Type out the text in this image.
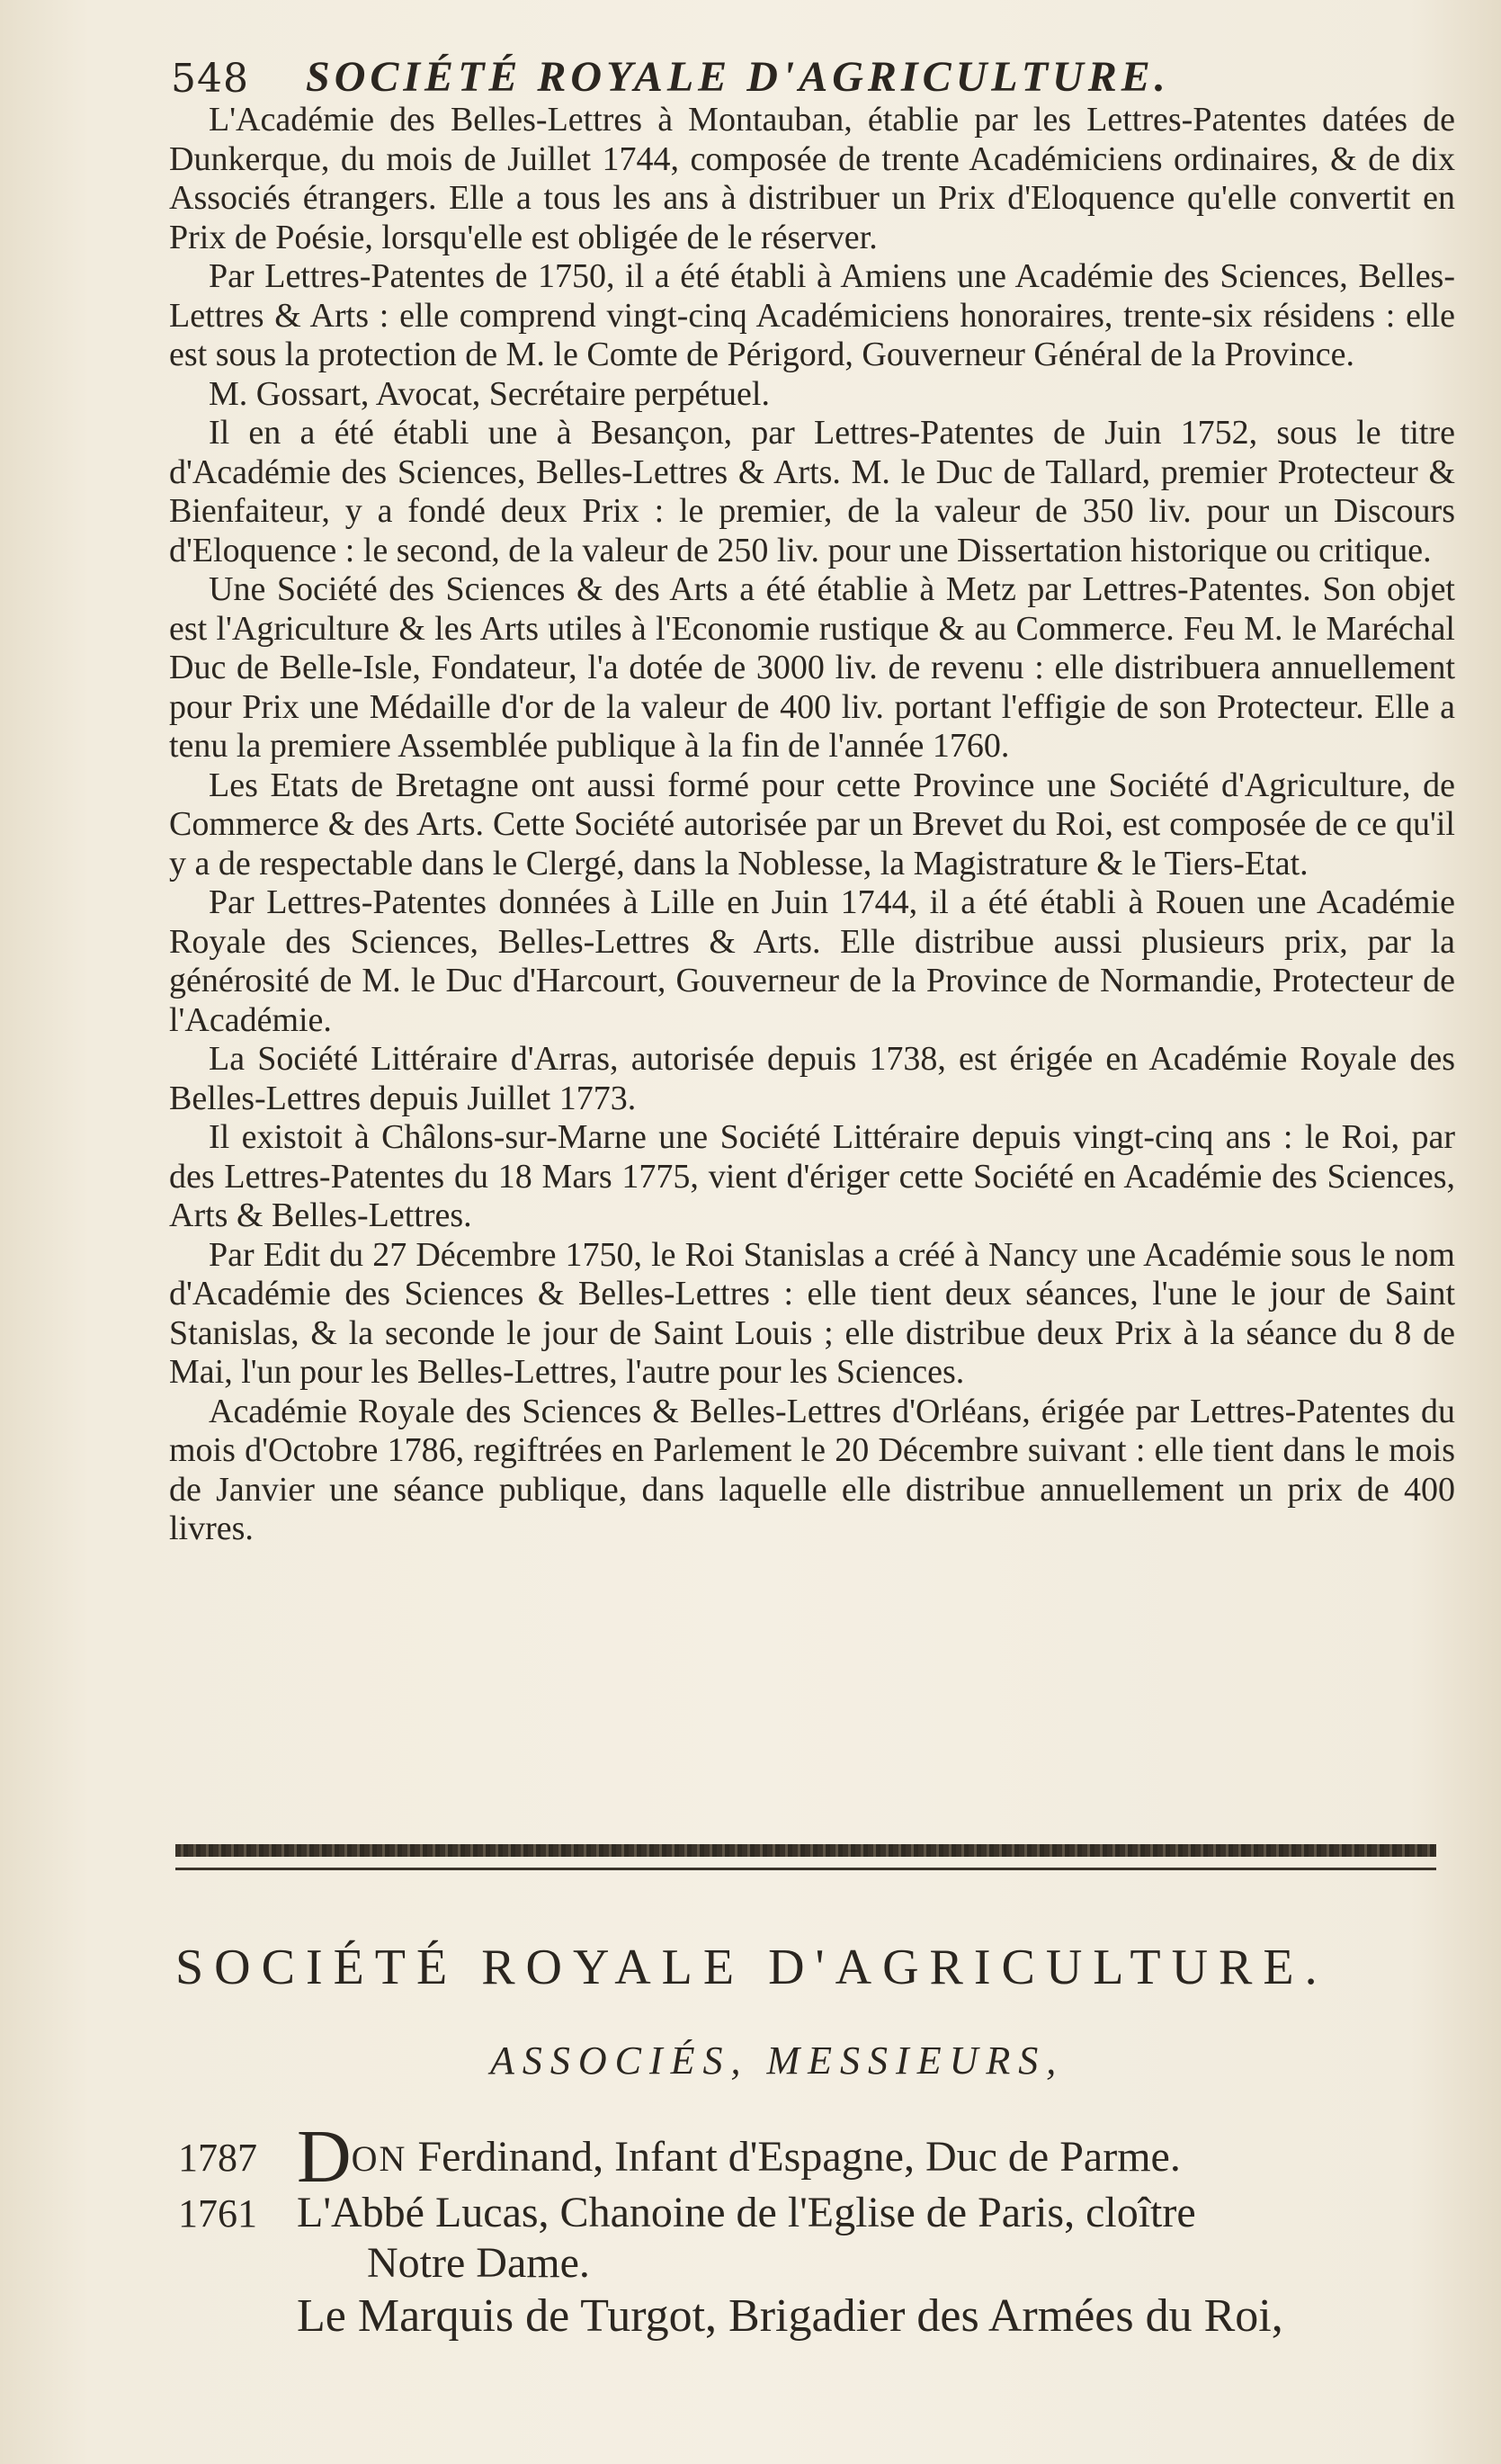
548 SOCIÉTÉ ROYALE D'AGRICULTURE.

L'Académie des Belles-Lettres à Montauban, établie par les Lettres-Patentes datées de Dunkerque, du mois de Juillet 1744, composée de trente Académiciens ordinaires, & de dix Associés étrangers. Elle a tous les ans à distribuer un Prix d'Eloquence qu'elle convertit en Prix de Poésie, lorsqu'elle est obligée de le réserver.

Par Lettres-Patentes de 1750, il a été établi à Amiens une Académie des Sciences, Belles-Lettres & Arts : elle comprend vingt-cinq Académiciens honoraires, trente-six résidens : elle est sous la protection de M. le Comte de Périgord, Gouverneur Général de la Province.

M. Gossart, Avocat, Secrétaire perpétuel.

Il en a été établi une à Besançon, par Lettres-Patentes de Juin 1752, sous le titre d'Académie des Sciences, Belles-Lettres & Arts. M. le Duc de Tallard, premier Protecteur & Bienfaiteur, y a fondé deux Prix : le premier, de la valeur de 350 liv. pour un Discours d'Eloquence : le second, de la valeur de 250 liv. pour une Dissertation historique ou critique.

Une Société des Sciences & des Arts a été établie à Metz par Lettres-Patentes. Son objet est l'Agriculture & les Arts utiles à l'Economie rustique & au Commerce. Feu M. le Maréchal Duc de Belle-Isle, Fondateur, l'a dotée de 3000 liv. de revenu : elle distribuera annuellement pour Prix une Médaille d'or de la valeur de 400 liv. portant l'effigie de son Protecteur. Elle a tenu la premiere Assemblée publique à la fin de l'année 1760.

Les Etats de Bretagne ont aussi formé pour cette Province une Société d'Agriculture, de Commerce & des Arts. Cette Société autorisée par un Brevet du Roi, est composée de ce qu'il y a de respectable dans le Clergé, dans la Noblesse, la Magistrature & le Tiers-Etat.

Par Lettres-Patentes données à Lille en Juin 1744, il a été établi à Rouen une Académie Royale des Sciences, Belles-Lettres & Arts. Elle distribue aussi plusieurs prix, par la générosité de M. le Duc d'Harcourt, Gouverneur de la Province de Normandie, Protecteur de l'Académie.

La Société Littéraire d'Arras, autorisée depuis 1738, est érigée en Académie Royale des Belles-Lettres depuis Juillet 1773.

Il existoit à Châlons-sur-Marne une Société Littéraire depuis vingt-cinq ans : le Roi, par des Lettres-Patentes du 18 Mars 1775, vient d'ériger cette Société en Académie des Sciences, Arts & Belles-Lettres.

Par Edit du 27 Décembre 1750, le Roi Stanislas a créé à Nancy une Académie sous le nom d'Académie des Sciences & Belles-Lettres : elle tient deux séances, l'une le jour de Saint Stanislas, & la seconde le jour de Saint Louis ; elle distribue deux Prix à la séance du 8 de Mai, l'un pour les Belles-Lettres, l'autre pour les Sciences.

Académie Royale des Sciences & Belles-Lettres d'Orléans, érigée par Lettres-Patentes du mois d'Octobre 1786, regiftrées en Parlement le 20 Décembre suivant : elle tient dans le mois de Janvier une séance publique, dans laquelle elle distribue annuellement un prix de 400 livres.

SOCIÉTÉ ROYALE D'AGRICULTURE.
ASSOCIÉS, MESSIEURS,
1787 DON Ferdinand, Infant d'Espagne, Duc de Parme.
1761 L'Abbé Lucas, Chanoine de l'Eglise de Paris, cloître
Notre Dame.
Le Marquis de Turgot, Brigadier des Armées du Roi,
